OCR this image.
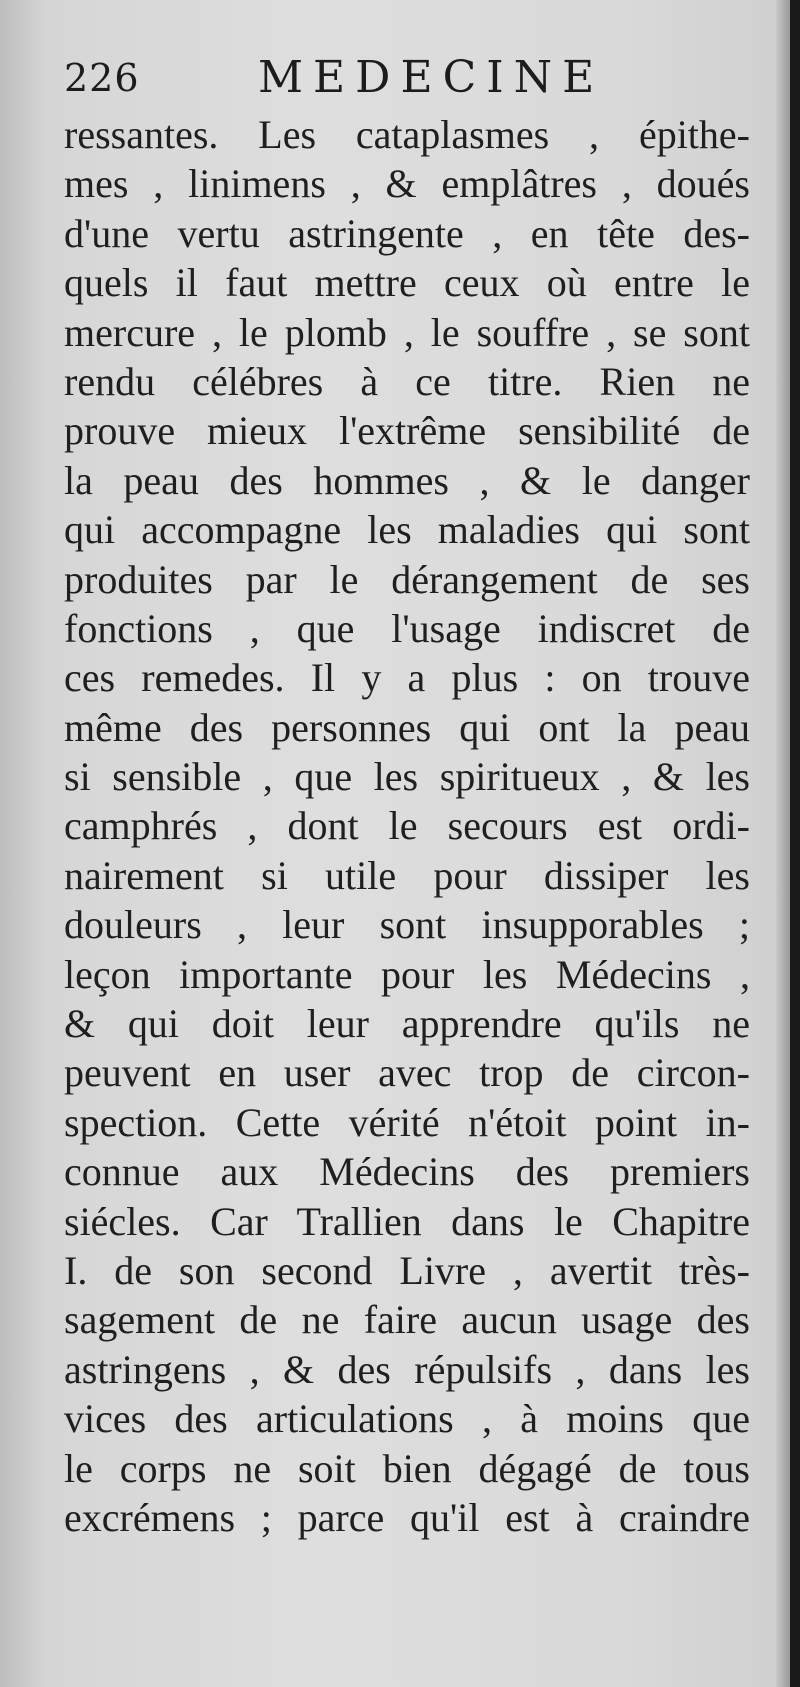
226	MEDECINE
ressantes. Les cataplasmes , épithe-
mes , linimens , & emplâtres , doués
d'une vertu astringente , en tête des-
quels il faut mettre ceux où entre le
mercure , le plomb , le souffre , se sont
rendu célébres à ce titre. Rien ne
prouve mieux l'extrême sensibilité de
la peau des hommes , & le danger
qui accompagne les maladies qui sont
produites par le dérangement de ses
fonctions , que l'usage indiscret de
ces remedes. Il y a plus : on trouve
même des personnes qui ont la peau
si sensible , que les spiritueux , & les
camphrés , dont le secours est ordi-
nairement si utile pour dissiper les
douleurs , leur sont insupporables ;
leçon importante pour les Médecins ,
& qui doit leur apprendre qu'ils ne
peuvent en user avec trop de circon-
spection. Cette vérité n'étoit point in-
connue aux Médecins des premiers
siécles. Car Trallien dans le Chapitre
I. de son second Livre , avertit très-
sagement de ne faire aucun usage des
astringens , & des répulsifs , dans les
vices des articulations , à moins que
le corps ne soit bien dégagé de tous
excrémens ; parce qu'il est à craindre
